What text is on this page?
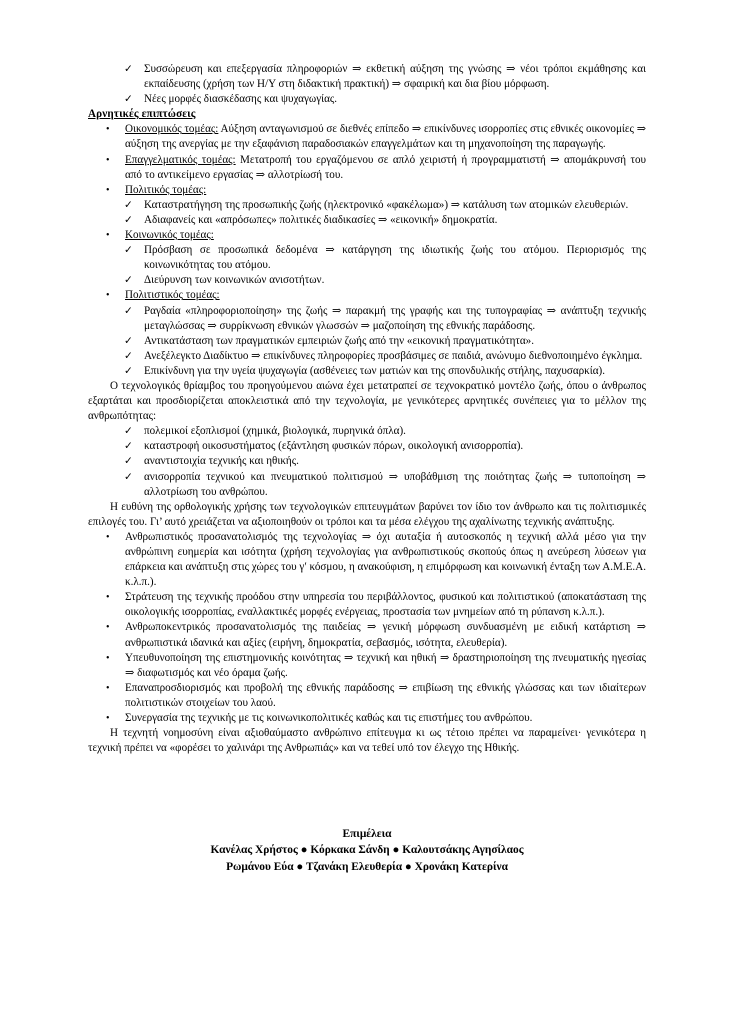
✓	Συσσώρευση και επεξεργασία πληροφοριών ⇒ εκθετική αύξηση της γνώσης ⇒ νέοι τρόποι εκμάθησης και εκπαίδευσης (χρήση των Η/Υ στη διδακτική πρακτική) ⇒ σφαιρική και δια βίου μόρφωση.
✓	Νέες μορφές διασκέδασης και ψυχαγωγίας.

Αρνητικές επιπτώσεις

•	Οικονομικός τομέας: Αύξηση ανταγωνισμού σε διεθνές επίπεδο ⇒ επικίνδυνες ισορροπίες στις εθνικές οικονομίες ⇒ αύξηση της ανεργίας με την εξαφάνιση παραδοσιακών επαγγελμάτων και τη μηχανοποίηση της παραγωγής.
•	Επαγγελματικός τομέας: Μετατροπή του εργαζόμενου σε απλό χειριστή ή προγραμματιστή ⇒ απομάκρυνσή του από το αντικείμενο εργασίας ⇒ αλλοτρίωσή του.
•	Πολιτικός τομέας:
✓	Καταστρατήγηση της προσωπικής ζωής (ηλεκτρονικό «φακέλωμα») ⇒ κατάλυση των ατομικών ελευθεριών.
✓	Αδιαφανείς και «απρόσωπες» πολιτικές διαδικασίες ⇒ «εικονική» δημοκρατία.
•	Κοινωνικός τομέας:
✓	Πρόσβαση σε προσωπικά δεδομένα ⇒ κατάργηση της ιδιωτικής ζωής του ατόμου. Περιορισμός της κοινωνικότητας του ατόμου.
✓	Διεύρυνση των κοινωνικών ανισοτήτων.
•	Πολιτιστικός τομέας:
✓	Ραγδαία «πληροφοριοποίηση» της ζωής ⇒ παρακμή της γραφής και της τυπογραφίας ⇒ ανάπτυξη τεχνικής μεταγλώσσας ⇒ συρρίκνωση εθνικών γλωσσών ⇒ μαζοποίηση της εθνικής παράδοσης.
✓	Αντικατάσταση των πραγματικών εμπειριών ζωής από την «εικονική πραγματικότητα».
✓	Ανεξέλεγκτο Διαδίκτυο ⇒ επικίνδυνες πληροφορίες προσβάσιμες σε παιδιά, ανώνυμο διεθνοποιημένο έγκλημα.
✓	Επικίνδυνη για την υγεία ψυχαγωγία (ασθένειες των ματιών και της σπονδυλικής στήλης, παχυσαρκία).

Ο τεχνολογικός θρίαμβος του προηγούμενου αιώνα έχει μετατραπεί σε τεχνοκρατικό μοντέλο ζωής, όπου ο άνθρωπος εξαρτάται και προσδιορίζεται αποκλειστικά από την τεχνολογία, με γενικότερες αρνητικές συνέπειες για το μέλλον της ανθρωπότητας:

✓	πολεμικοί εξοπλισμοί (χημικά, βιολογικά, πυρηνικά όπλα).
✓	καταστροφή οικοσυστήματος (εξάντληση φυσικών πόρων, οικολογική ανισορροπία).
✓	αναντιστοιχία τεχνικής και ηθικής.
✓	ανισορροπία τεχνικού και πνευματικού πολιτισμού ⇒ υποβάθμιση της ποιότητας ζωής ⇒ τυποποίηση ⇒ αλλοτρίωση του ανθρώπου.

Η ευθύνη της ορθολογικής χρήσης των τεχνολογικών επιτευγμάτων βαρύνει τον ίδιο τον άνθρωπο και τις πολιτισμικές επιλογές του. Γι’ αυτό χρειάζεται να αξιοποιηθούν οι τρόποι και τα μέσα ελέγχου της αχαλίνωτης τεχνικής ανάπτυξης.

•	Ανθρωπιστικός προσανατολισμός της τεχνολογίας ⇒ όχι αυταξία ή αυτοσκοπός η τεχνική αλλά μέσο για την ανθρώπινη ευημερία και ισότητα (χρήση τεχνολογίας για ανθρωπιστικούς σκοπούς όπως η ανεύρεση λύσεων για επάρκεια και ανάπτυξη στις χώρες του γ′ κόσμου, η ανακούφιση, η επιμόρφωση και κοινωνική ένταξη των Α.Μ.Ε.Α. κ.λ.π.).
•	Στράτευση της τεχνικής προόδου στην υπηρεσία του περιβάλλοντος, φυσικού και πολιτιστικού (αποκατάσταση της οικολογικής ισορροπίας, εναλλακτικές μορφές ενέργειας, προστασία των μνημείων από τη ρύπανση κ.λ.π.).
•	Ανθρωποκεντρικός προσανατολισμός της παιδείας ⇒ γενική μόρφωση συνδυασμένη με ειδική κατάρτιση ⇒ ανθρωπιστικά ιδανικά και αξίες (ειρήνη, δημοκρατία, σεβασμός, ισότητα, ελευθερία).
•	Υπευθυνοποίηση της επιστημονικής κοινότητας ⇒ τεχνική και ηθική ⇒ δραστηριοποίηση της πνευματικής ηγεσίας ⇒ διαφωτισμός και νέο όραμα ζωής.
•	Επαναπροσδιορισμός και προβολή της εθνικής παράδοσης ⇒ επιβίωση της εθνικής γλώσσας και των ιδιαίτερων πολιτιστικών στοιχείων του λαού.
•	Συνεργασία της τεχνικής με τις κοινωνικοπολιτικές καθώς και τις επιστήμες του ανθρώπου.

Η τεχνητή νοημοσύνη είναι αξιοθαύμαστο ανθρώπινο επίτευγμα κι ως τέτοιο πρέπει να παραμείνει· γενικότερα η τεχνική πρέπει να «φορέσει το χαλινάρι της Ανθρωπιάς» και να τεθεί υπό τον έλεγχο της Ηθικής.

Επιμέλεια

Κανέλας Χρήστος ● Κόρκακα Σάνδη ● Καλουτσάκης Αγησίλαος

Ρωμάνου Εύα ● Τζανάκη Ελευθερία ● Χρονάκη Κατερίνα
